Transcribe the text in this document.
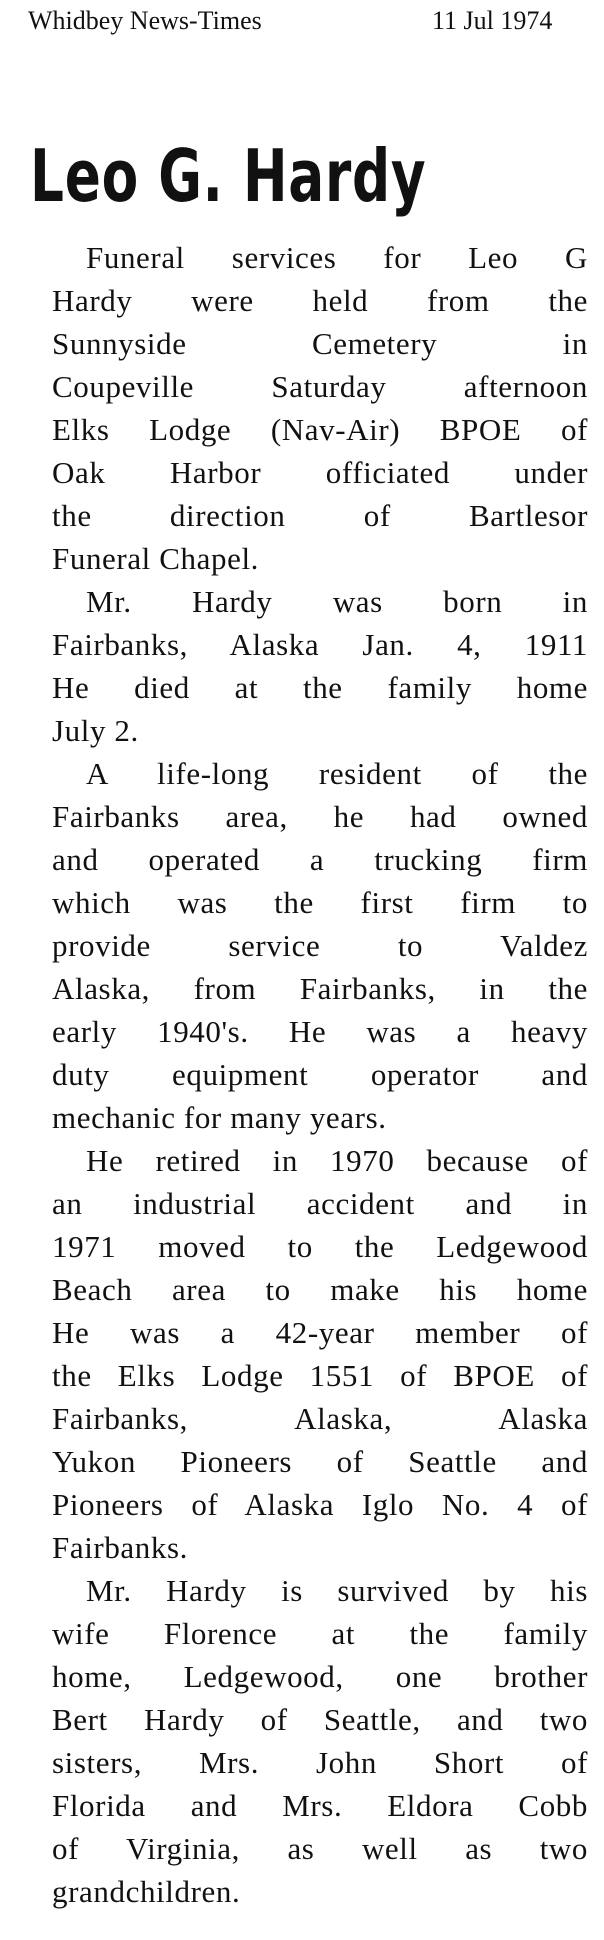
Whidbey News-Times	11 Jul 1974
Leo G. Hardy
Funeral services for Leo G
Hardy were held from the
Sunnyside Cemetery in
Coupeville Saturday afternoon
Elks Lodge (Nav-Air) BPOE of
Oak Harbor officiated under
the direction of Bartlesor
Funeral Chapel.
Mr. Hardy was born in
Fairbanks, Alaska Jan. 4, 1911
He died at the family home
July 2.
A life-long resident of the
Fairbanks area, he had owned
and operated a trucking firm
which was the first firm to
provide service to Valdez
Alaska, from Fairbanks, in the
early 1940's. He was a heavy
duty equipment operator and
mechanic for many years.
He retired in 1970 because of
an industrial accident and in
1971 moved to the Ledgewood
Beach area to make his home
He was a 42-year member of
the Elks Lodge 1551 of BPOE of
Fairbanks, Alaska, Alaska
Yukon Pioneers of Seattle and
Pioneers of Alaska Iglo No. 4 of
Fairbanks.
Mr. Hardy is survived by his
wife Florence at the family
home, Ledgewood, one brother
Bert Hardy of Seattle, and two
sisters, Mrs. John Short of
Florida and Mrs. Eldora Cobb
of Virginia, as well as two
grandchildren.
